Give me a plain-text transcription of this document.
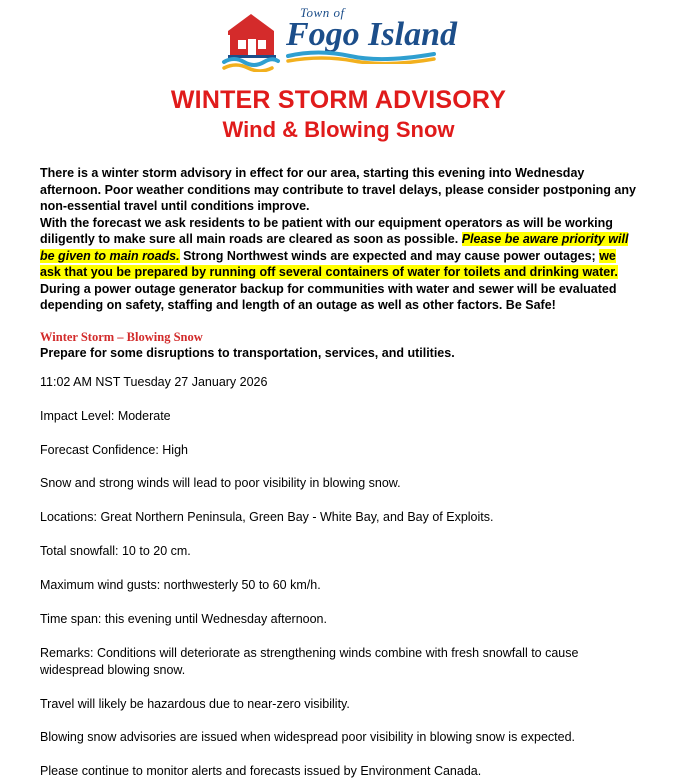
Town of
Fogo Island
WINTER STORM ADVISORY
Wind & Blowing Snow

There is a winter storm advisory in effect for our area, starting this evening into Wednesday afternoon. Poor weather conditions may contribute to travel delays, please consider postponing any non-essential travel until conditions improve.

With the forecast we ask residents to be patient with our equipment operators as will be working diligently to make sure all main roads are cleared as soon as possible. Please be aware priority will be given to main roads. Strong Northwest winds are expected and may cause power outages; we ask that you be prepared by running off several containers of water for toilets and drinking water. During a power outage generator backup for communities with water and sewer will be evaluated depending on safety, staffing and length of an outage as well as other factors. Be Safe!

Winter Storm – Blowing Snow
Prepare for some disruptions to transportation, services, and utilities.

11:02 AM NST Tuesday 27 January 2026

Impact Level: Moderate

Forecast Confidence: High

Snow and strong winds will lead to poor visibility in blowing snow.

Locations: Great Northern Peninsula, Green Bay - White Bay, and Bay of Exploits.

Total snowfall: 10 to 20 cm.

Maximum wind gusts: northwesterly 50 to 60 km/h.

Time span: this evening until Wednesday afternoon.

Remarks: Conditions will deteriorate as strengthening winds combine with fresh snowfall to cause widespread blowing snow.

Travel will likely be hazardous due to near-zero visibility.

Blowing snow advisories are issued when widespread poor visibility in blowing snow is expected.

Please continue to monitor alerts and forecasts issued by Environment Canada.
